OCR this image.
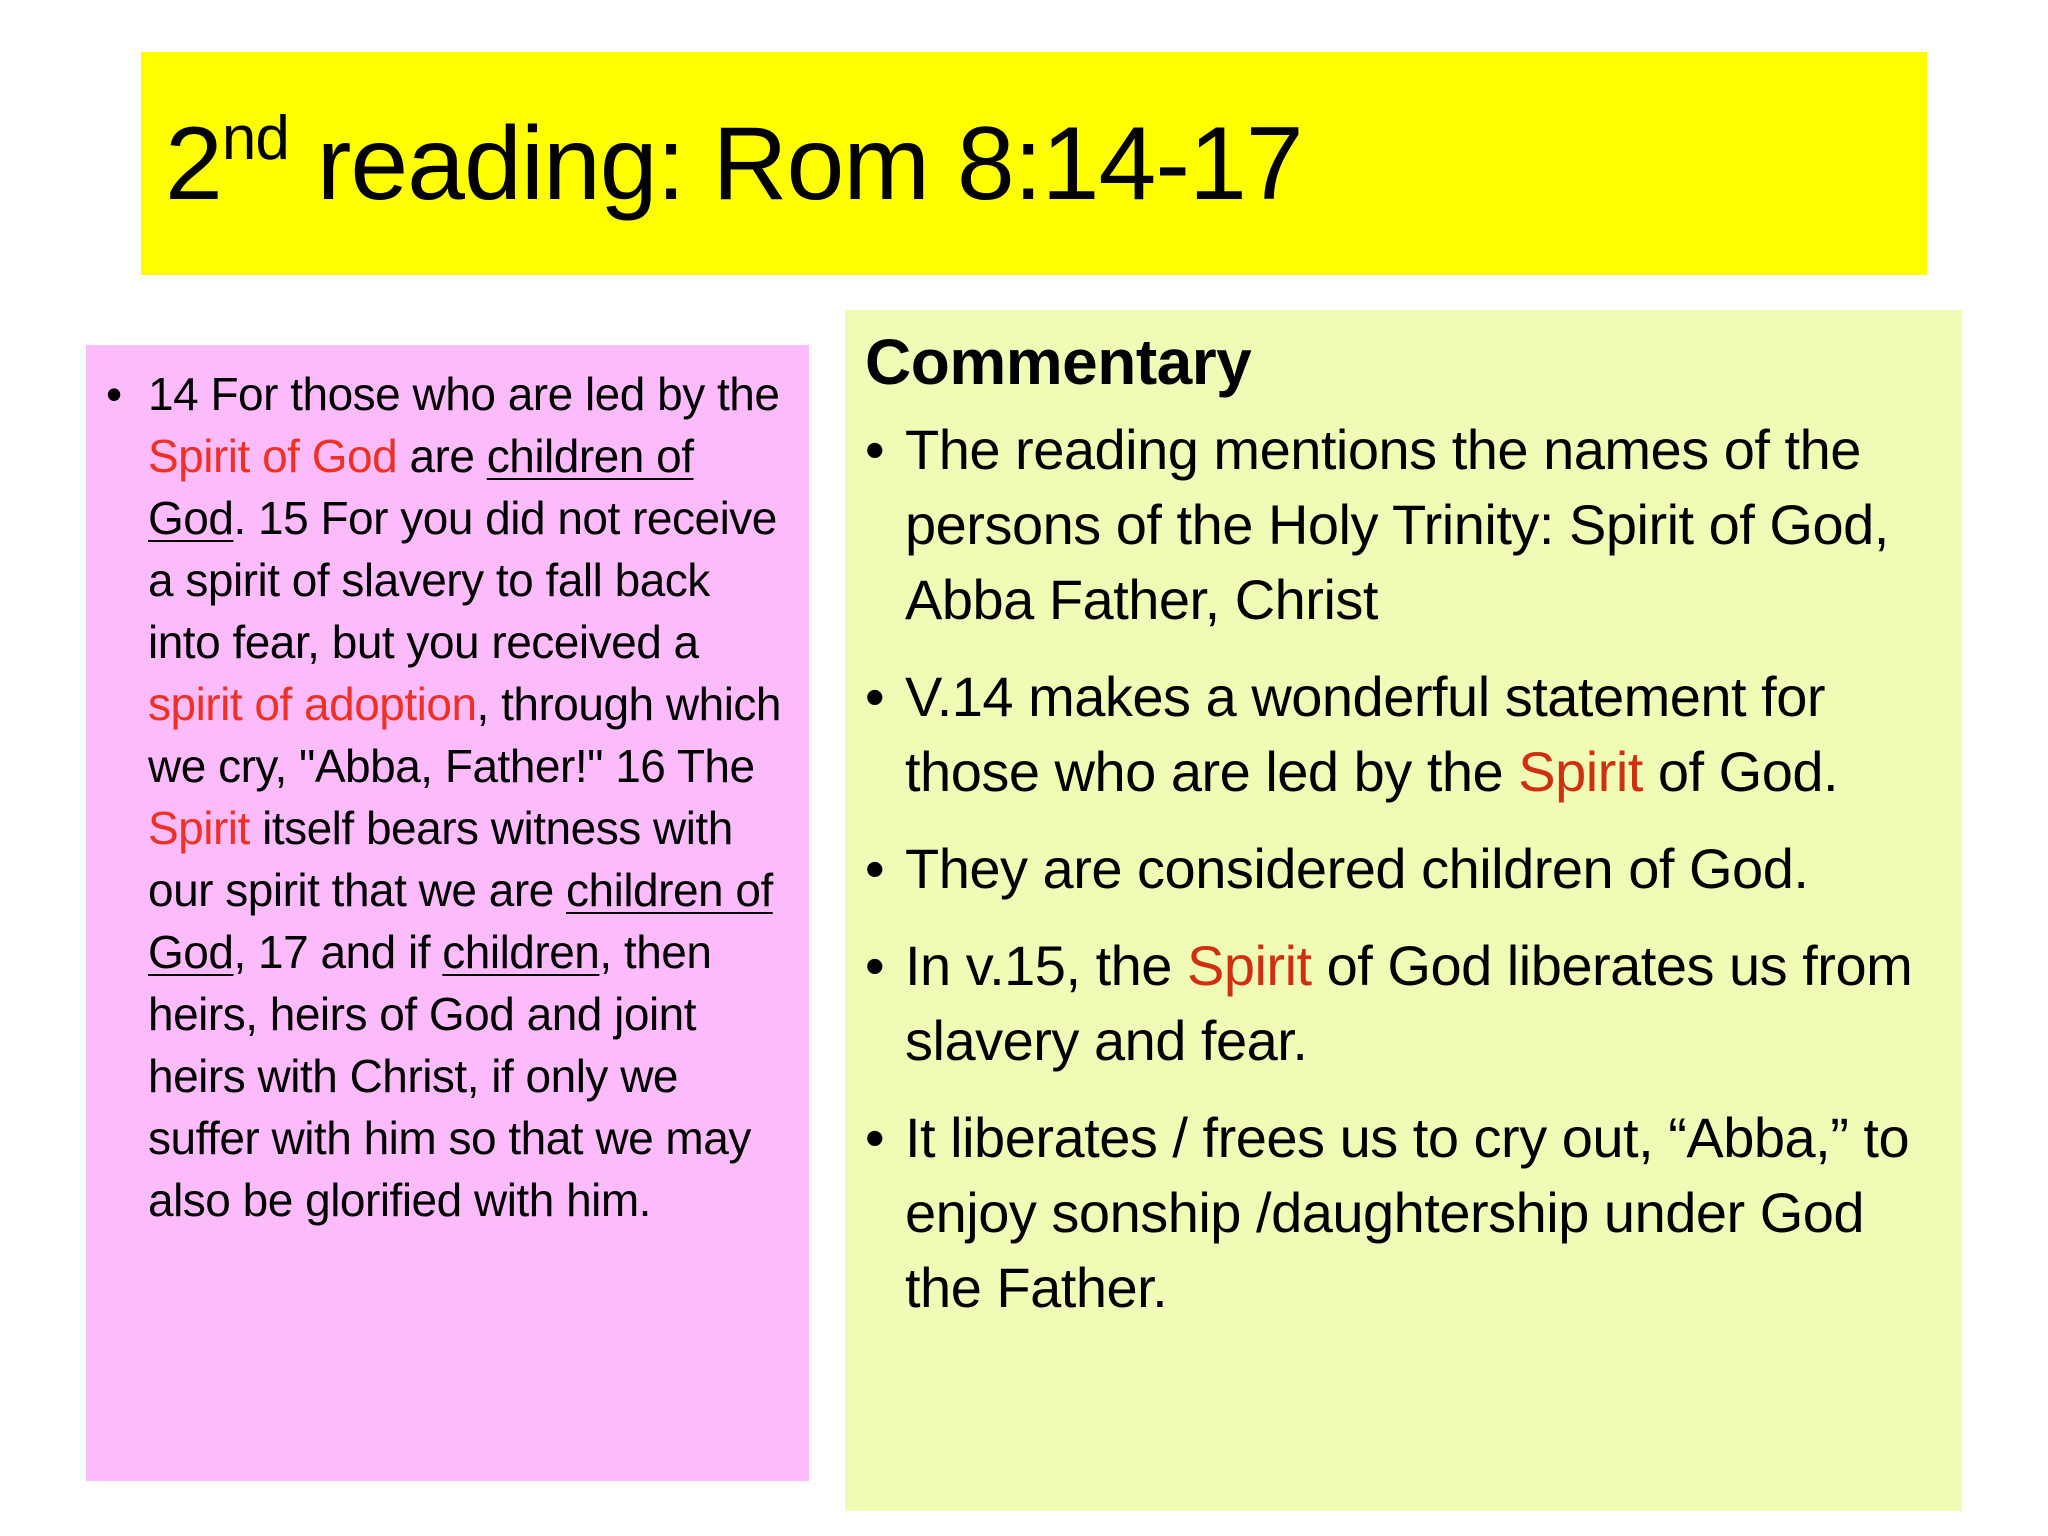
2nd reading: Rom 8:14-17
• 14 For those who are led by the Spirit of God are children of God. 15 For you did not receive a spirit of slavery to fall back into fear, but you received a spirit of adoption, through which we cry, "Abba, Father!" 16 The Spirit itself bears witness with our spirit that we are children of God, 17 and if children, then heirs, heirs of God and joint heirs with Christ, if only we suffer with him so that we may also be glorified with him.
Commentary
• The reading mentions the names of the persons of the Holy Trinity: Spirit of God, Abba Father, Christ
• V.14 makes a wonderful statement for those who are led by the Spirit of God.
• They are considered children of God.
• In v.15, the Spirit of God liberates us from slavery and fear.
• It liberates / frees us to cry out, “Abba,” to enjoy sonship /daughtership under God the Father.
